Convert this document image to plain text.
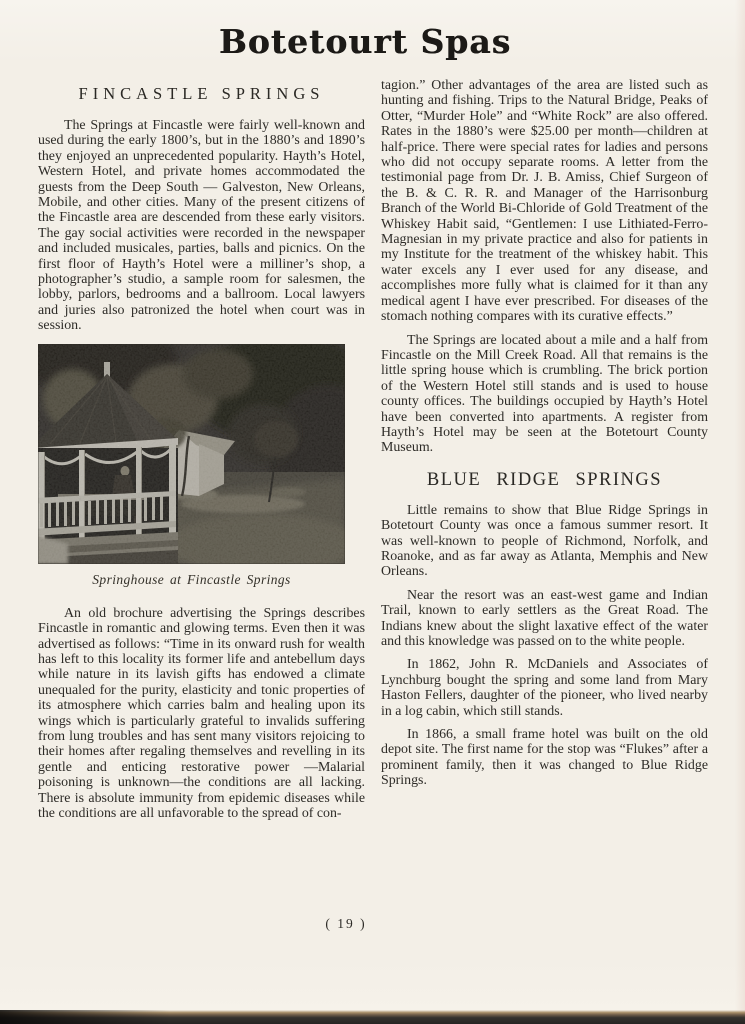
Botetourt Spas
FINCASTLE SPRINGS

The Springs at Fincastle were fairly well-known and used during the early 1800’s, but in the 1880’s and 1890’s they enjoyed an unprecedented popularity. Hayth’s Hotel, Western Hotel, and private homes accommodated the guests from the Deep South — Galveston, New Orleans, Mobile, and other cities. Many of the present citizens of the Fincastle area are descended from these early visitors. The gay social activities were recorded in the newspaper and included musicales, parties, balls and picnics. On the first floor of Hayth’s Hotel were a milliner’s shop, a photographer’s studio, a sample room for salesmen, the lobby, parlors, bedrooms and a ballroom. Local lawyers and juries also patronized the hotel when court was in session.

Springhouse at Fincastle Springs

An old brochure advertising the Springs describes Fincastle in romantic and glowing terms. Even then it was advertised as follows: “Time in its onward rush for wealth has left to this locality its former life and antebellum days while nature in its lavish gifts has endowed a climate unequaled for the purity, elasticity and tonic properties of its atmosphere which carries balm and healing upon its wings which is particularly grateful to invalids suffering from lung troubles and has sent many visitors rejoicing to their homes after regaling themselves and revelling in its gentle and enticing restorative power —Malarial poisoning is unknown—the conditions are all lacking. There is absolute immunity from epidemic diseases while the conditions are all unfavorable to the spread of con-

tagion.” Other advantages of the area are listed such as hunting and fishing. Trips to the Natural Bridge, Peaks of Otter, “Murder Hole” and “White Rock” are also offered. Rates in the 1880’s were $25.00 per month—children at half-price. There were special rates for ladies and persons who did not occupy separate rooms. A letter from the testimonial page from Dr. J. B. Amiss, Chief Surgeon of the B. & C. R. R. and Manager of the Harrisonburg Branch of the World Bi-Chloride of Gold Treatment of the Whiskey Habit said, “Gentlemen: I use Lithiated-Ferro-Magnesian in my private practice and also for patients in my Institute for the treatment of the whiskey habit. This water excels any I ever used for any disease, and accomplishes more fully what is claimed for it than any medical agent I have ever prescribed. For diseases of the stomach nothing compares with its curative effects.”

The Springs are located about a mile and a half from Fincastle on the Mill Creek Road. All that remains is the little spring house which is crumbling. The brick portion of the Western Hotel still stands and is used to house county offices. The buildings occupied by Hayth’s Hotel have been converted into apartments. A register from Hayth’s Hotel may be seen at the Botetourt County Museum.

BLUE RIDGE SPRINGS

Little remains to show that Blue Ridge Springs in Botetourt County was once a famous summer resort. It was well-known to people of Richmond, Norfolk, and Roanoke, and as far away as Atlanta, Memphis and New Orleans.

Near the resort was an east-west game and Indian Trail, known to early settlers as the Great Road. The Indians knew about the slight laxative effect of the water and this knowledge was passed on to the white people.

In 1862, John R. McDaniels and Associates of Lynchburg bought the spring and some land from Mary Haston Fellers, daughter of the pioneer, who lived nearby in a log cabin, which still stands.

In 1866, a small frame hotel was built on the old depot site. The first name for the stop was “Flukes” after a prominent family, then it was changed to Blue Ridge Springs.

( 19 )
